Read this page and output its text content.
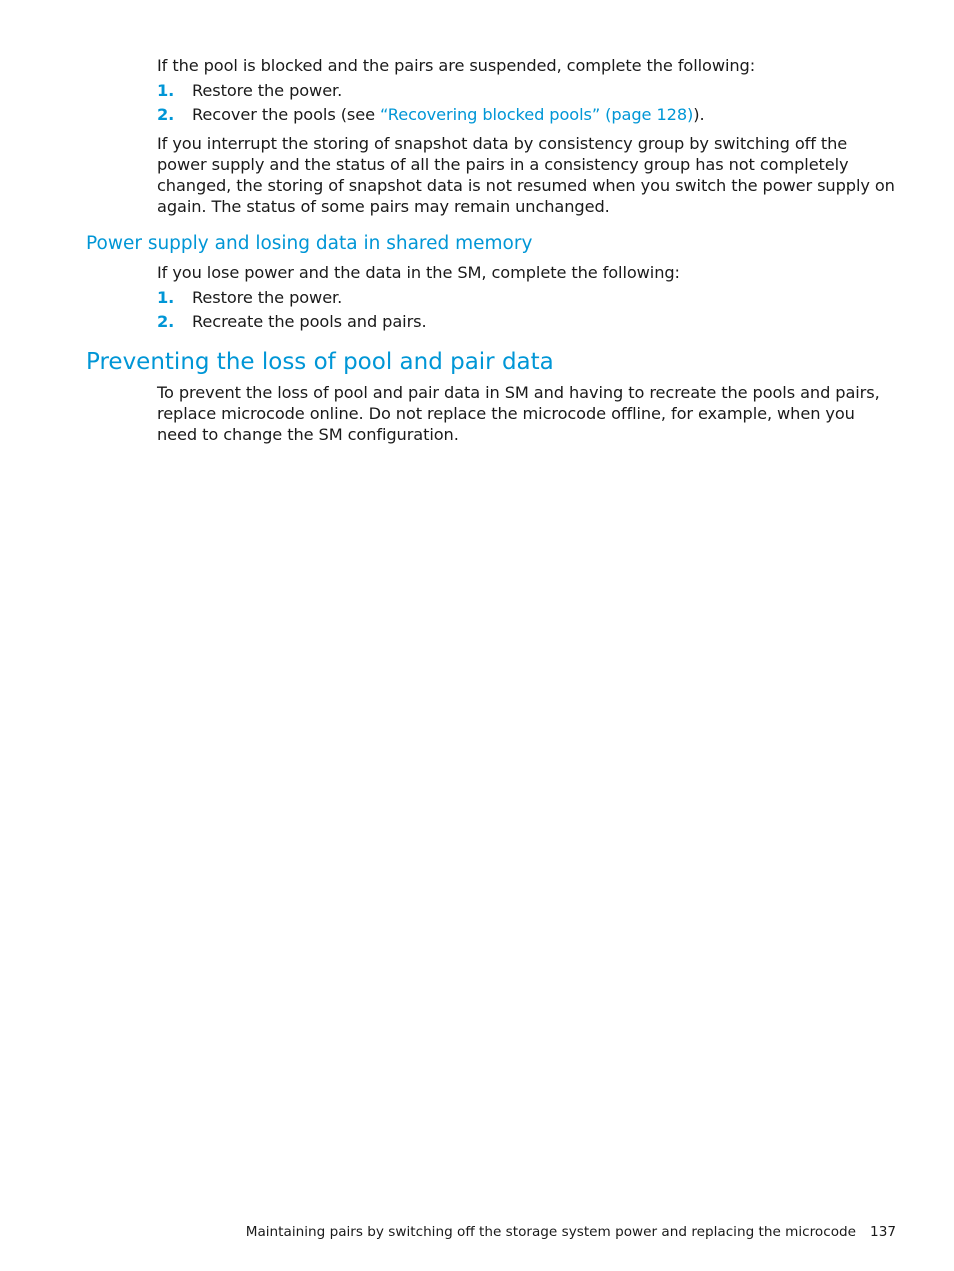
If the pool is blocked and the pairs are suspended, complete the following:

1. Restore the power.
2. Recover the pools (see “Recovering blocked pools” (page 128)).

If you interrupt the storing of snapshot data by consistency group by switching off the power supply and the status of all the pairs in a consistency group has not completely changed, the storing of snapshot data is not resumed when you switch the power supply on again. The status of some pairs may remain unchanged.

Power supply and losing data in shared memory

If you lose power and the data in the SM, complete the following:

1. Restore the power.
2. Recreate the pools and pairs.
Preventing the loss of pool and pair data

To prevent the loss of pool and pair data in SM and having to recreate the pools and pairs, replace microcode online. Do not replace the microcode offline, for example, when you need to change the SM configuration.

Maintaining pairs by switching off the storage system power and replacing the microcode 137
